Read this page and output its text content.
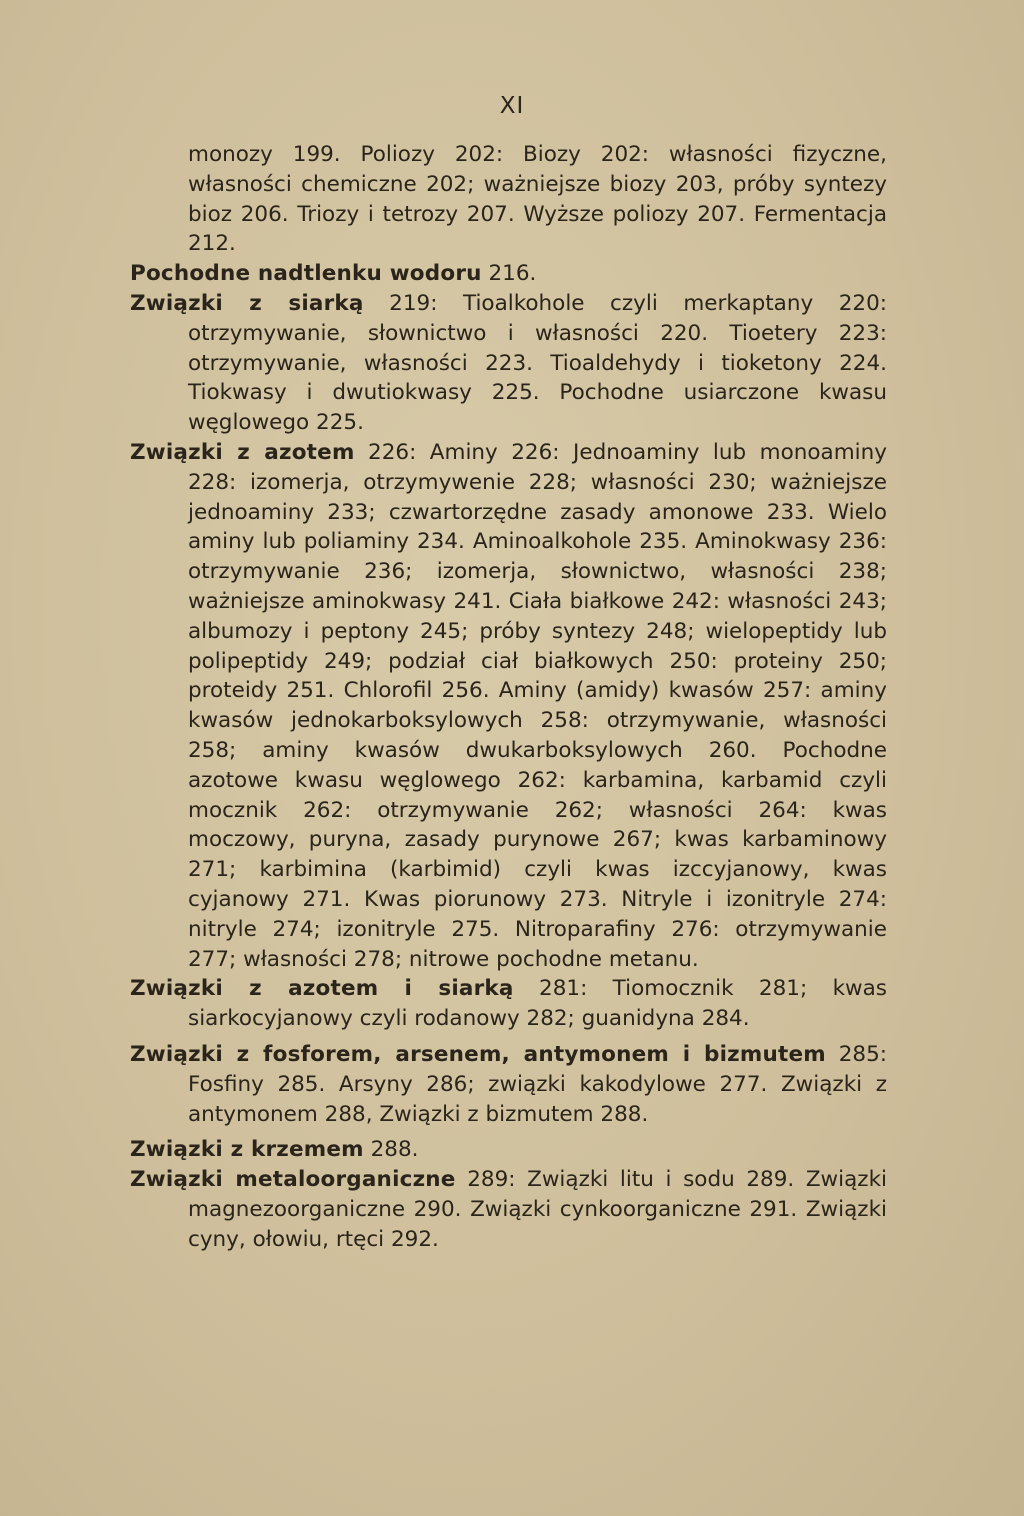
XI

monozy 199. Poliozy 202: Biozy 202: własności fizyczne, własności chemiczne 202; ważniejsze biozy 203, próby syntezy bioz 206. Triozy i tetrozy 207. Wyższe poliozy 207. Fermentacja 212.

Pochodne nadtlenku wodoru 216.

Związki z siarką 219: Tioalkohole czyli merkaptany 220: otrzymywanie, słownictwo i własności 220. Tioetery 223: otrzymywanie, własności 223. Tioaldehydy i tioketony 224. Tiokwasy i dwutiokwasy 225. Pochodne usiarczone kwasu węglowego 225.

Związki z azotem 226: Aminy 226: Jednoaminy lub monoaminy 228: izomerja, otrzymywenie 228; własności 230; ważniejsze jednoaminy 233; czwartorzędne zasady amonowe 233. Wielo aminy lub poliaminy 234. Aminoalkohole 235. Aminokwasy 236: otrzymywanie 236; izomerja, słownictwo, własności 238; ważniejsze aminokwasy 241. Ciała białkowe 242: własności 243; albumozy i peptony 245; próby syntezy 248; wielopeptidy lub polipeptidy 249; podział ciał białkowych 250: proteiny 250; proteidy 251. Chlorofil 256. Aminy (amidy) kwasów 257: aminy kwasów jednokarboksylowych 258: otrzymywanie, własności 258; aminy kwasów dwukarboksylowych 260. Pochodne azotowe kwasu węglowego 262: karbamina, karbamid czyli mocznik 262: otrzymywanie 262; własności 264: kwas moczowy, puryna, zasady purynowe 267; kwas karbaminowy 271; karbimina (karbimid) czyli kwas izccyjanowy, kwas cyjanowy 271. Kwas piorunowy 273. Nitryle i izonitryle 274: nitryle 274; izonitryle 275. Nitroparafiny 276: otrzymywanie 277; własności 278; nitrowe pochodne metanu.

Związki z azotem i siarką 281: Tiomocznik 281; kwas siarkocyjanowy czyli rodanowy 282; guanidyna 284.

Związki z fosforem, arsenem, antymonem i bizmutem 285: Fosfiny 285. Arsyny 286; związki kakodylowe 277. Związki z antymonem 288, Związki z bizmutem 288.

Związki z krzemem 288.

Związki metaloorganiczne 289: Związki litu i sodu 289. Związki magnezoorganiczne 290. Związki cynkoorganiczne 291. Związki cyny, ołowiu, rtęci 292.
